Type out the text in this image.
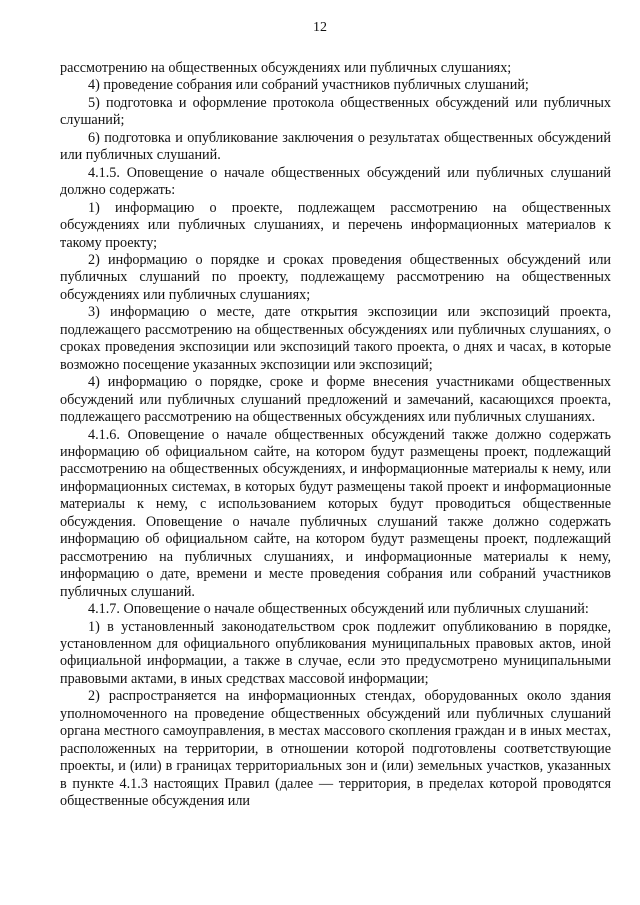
12

рассмотрению на общественных обсуждениях или публичных слушаниях;

4) проведение собрания или собраний участников публичных слушаний;

5) подготовка и оформление протокола общественных обсуждений или публичных слушаний;

6) подготовка и опубликование заключения о результатах общественных обсуждений или публичных слушаний.

4.1.5. Оповещение о начале общественных обсуждений или публичных слушаний должно содержать:

1) информацию о проекте, подлежащем рассмотрению на общественных обсуждениях или публичных слушаниях, и перечень информационных материалов к такому проекту;

2) информацию о порядке и сроках проведения общественных обсуждений или публичных слушаний по проекту, подлежащему рассмотрению на общественных обсуждениях или публичных слушаниях;

3) информацию о месте, дате открытия экспозиции или экспозиций проекта, подлежащего рассмотрению на общественных обсуждениях или публичных слушаниях, о сроках проведения экспозиции или экспозиций такого проекта, о днях и часах, в которые возможно посещение указанных экспозиции или экспозиций;

4) информацию о порядке, сроке и форме внесения участниками общественных обсуждений или публичных слушаний предложений и замечаний, касающихся проекта, подлежащего рассмотрению на общественных обсуждениях или публичных слушаниях.

4.1.6. Оповещение о начале общественных обсуждений также должно содержать информацию об официальном сайте, на котором будут размещены проект, подлежащий рассмотрению на общественных обсуждениях, и информационные материалы к нему, или информационных системах, в которых будут размещены такой проект и информационные материалы к нему, с использованием которых будут проводиться общественные обсуждения. Оповещение о начале публичных слушаний также должно содержать информацию об официальном сайте, на котором будут размещены проект, подлежащий рассмотрению на публичных слушаниях, и информационные материалы к нему, информацию о дате, времени и месте проведения собрания или собраний участников публичных слушаний.

4.1.7. Оповещение о начале общественных обсуждений или публичных слушаний:

1) в установленный законодательством срок подлежит опубликованию в порядке, установленном для официального опубликования муниципальных правовых актов, иной официальной информации, а также в случае, если это предусмотрено муниципальными правовыми актами, в иных средствах массовой информации;

2) распространяется на информационных стендах, оборудованных около здания уполномоченного на проведение общественных обсуждений или публичных слушаний органа местного самоуправления, в местах массового скопления граждан и в иных местах, расположенных на территории, в отношении которой подготовлены соответствующие проекты, и (или) в границах территориальных зон и (или) земельных участков, указанных в пункте 4.1.3 настоящих Правил (далее — территория, в пределах которой проводятся общественные обсуждения или
